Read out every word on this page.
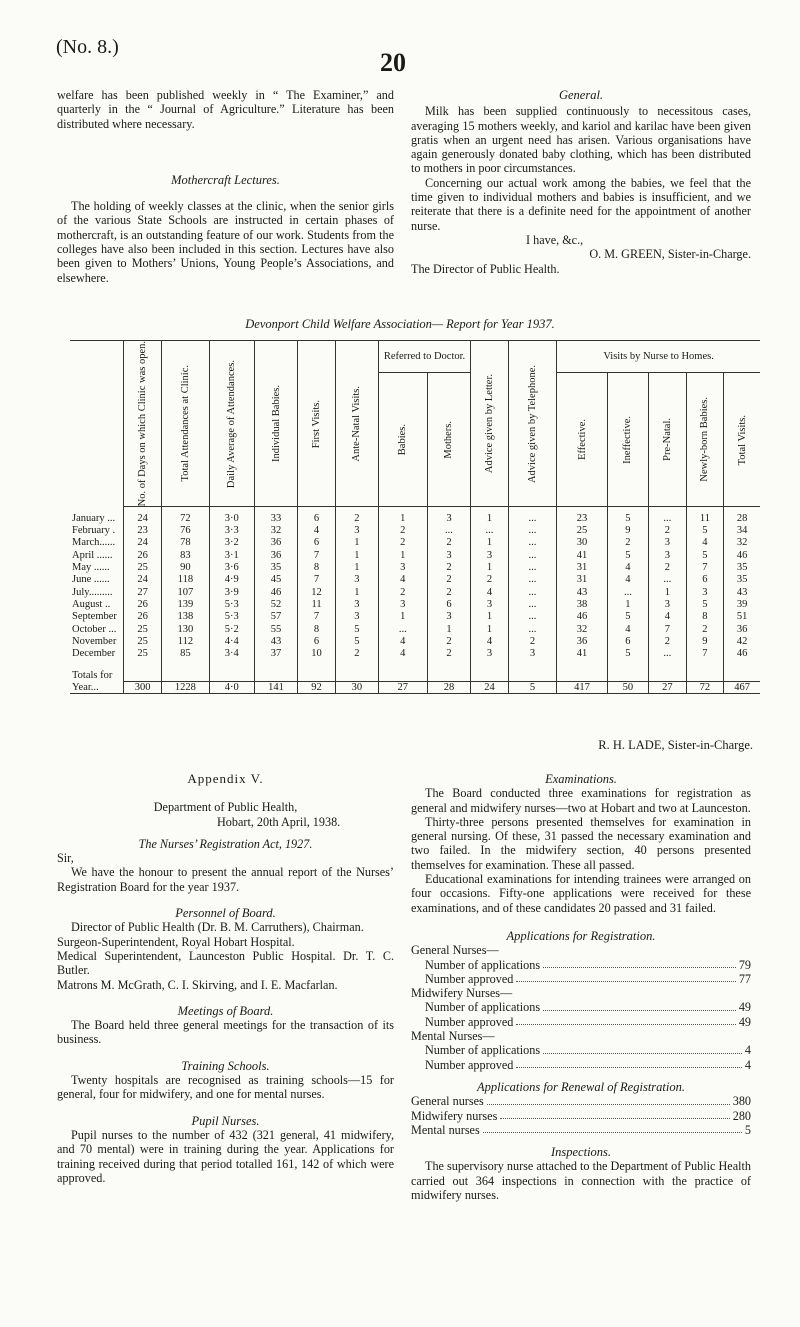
(No. 8.)
20

welfare has been published weekly in “ The Examiner,” and quarterly in the “ Journal of Agriculture.” Literature has been distributed where necessary.

Mothercraft Lectures.

The holding of weekly classes at the clinic, when the senior girls of the various State Schools are instructed in certain phases of mothercraft, is an outstanding feature of our work. Students from the colleges have also been included in this section. Lectures have also been given to Mothers’ Unions, Young People’s Associations, and elsewhere.

General.

Milk has been supplied continuously to necessitous cases, averaging 15 mothers weekly, and kariol and karilac have been given gratis when an urgent need has arisen. Various organisations have again generously donated baby clothing, which has been distributed to mothers in poor circumstances.

Concerning our actual work among the babies, we feel that the time given to individual mothers and babies is insufficient, and we reiterate that there is a definite need for the appointment of another nurse.

I have, &c.,

O. M. GREEN, Sister-in-Charge.

The Director of Public Health.

Devonport Child Welfare Association— Report for Year 1937.

	No. of Days on which Clinic was open.	Total Attendances at Clinic.	Daily Average of Attendances.	Individual Babies.	First Visits.	Ante-Natal Visits.	Referred to Doctor.		Advice given by Letter.	Advice given by Telephone.	Visits by Nurse to Homes.				

							Babies.	Mothers.			Effective.	Ineffective.	Pre-Natal.	Newly-born Babies.	Total Visits.

January ...	24	72	3·0	33	6	2	1	3	1	...	23	5	...	11	28
February .	23	76	3·3	32	4	3	2	...	...	...	25	9	2	5	34
March......	24	78	3·2	36	6	1	2	2	1	...	30	2	3	4	32
April ......	26	83	3·1	36	7	1	1	3	3	...	41	5	3	5	46
May ......	25	90	3·6	35	8	1	3	2	1	...	31	4	2	7	35
June ......	24	118	4·9	45	7	3	4	2	2	...	31	4	...	6	35
July.........	27	107	3·9	46	12	1	2	2	4	...	43	...	1	3	43
August ..	26	139	5·3	52	11	3	3	6	3	...	38	1	3	5	39
September	26	138	5·3	57	7	3	1	3	1	...	46	5	4	8	51
October ...	25	130	5·2	55	8	5	...	1	1	...	32	4	7	2	36
November	25	112	4·4	43	6	5	4	2	4	2	36	6	2	9	42
December	25	85	3·4	37	10	2	4	2	3	3	41	5	...	7	46

Totals for															
Year...	300	1228	4·0	141	92	30	27	28	24	5	417	50	27	72	467
R. H. LADE, Sister-in-Charge.

Appendix V.

Department of Public Health,

Hobart, 20th April, 1938.

The Nurses’ Registration Act, 1927.

Sir,

We have the honour to present the annual report of the Nurses’ Registration Board for the year 1937.

Personnel of Board.

Director of Public Health (Dr. B. M. Carruthers), Chairman.

Surgeon-Superintendent, Royal Hobart Hospital.

Medical Superintendent, Launceston Public Hospital. Dr. T. C. Butler.

Matrons M. McGrath, C. I. Skirving, and I. E. Macfarlan.

Meetings of Board.

The Board held three general meetings for the transaction of its business.

Training Schools.

Twenty hospitals are recognised as training schools—15 for general, four for midwifery, and one for mental nurses.

Pupil Nurses.

Pupil nurses to the number of 432 (321 general, 41 midwifery, and 70 mental) were in training during the year. Applications for training received during that period totalled 161, 142 of which were approved.

Examinations.

The Board conducted three examinations for registration as general and midwifery nurses—two at Hobart and two at Launceston.

Thirty-three persons presented themselves for examination in general nursing. Of these, 31 passed the necessary examination and two failed. In the midwifery section, 40 persons presented themselves for examination. These all passed.

Educational examinations for intending trainees were arranged on four occasions. Fifty-one applications were received for these examinations, and of these candidates 20 passed and 31 failed.

Applications for Registration.

General Nurses—

Number of applications	79
Number approved	77

Midwifery Nurses—

Number of applications	49
Number approved	49

Mental Nurses—

Number of applications	4
Number approved	4

Applications for Renewal of Registration.

General nurses	380
Midwifery nurses	280
Mental nurses	5

Inspections.

The supervisory nurse attached to the Department of Public Health carried out 364 inspections in connection with the practice of midwifery nurses.
